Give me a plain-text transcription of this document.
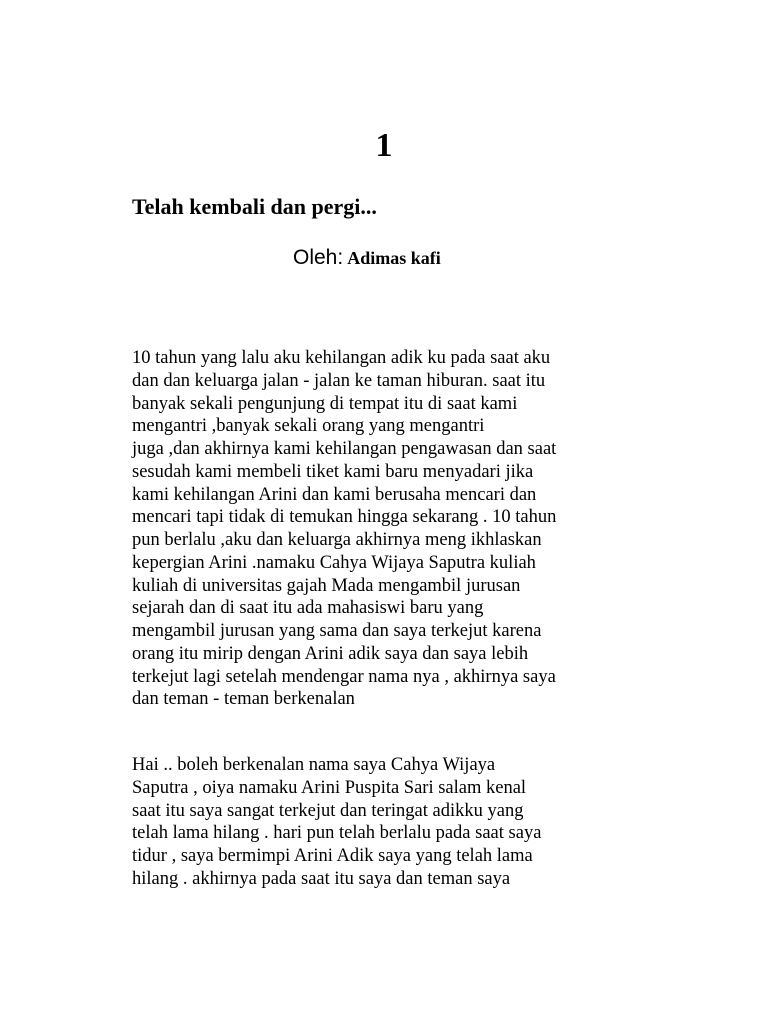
1
Telah kembali dan pergi...
Oleh: Adimas kafi
10 tahun yang lalu aku kehilangan adik ku pada saat aku
dan dan keluarga jalan - jalan ke taman hiburan. saat itu
banyak sekali pengunjung di tempat itu di saat kami
mengantri ,banyak sekali orang yang mengantri
juga ,dan akhirnya kami kehilangan pengawasan dan saat
sesudah kami membeli tiket kami baru menyadari jika
kami kehilangan Arini dan kami berusaha mencari dan
mencari tapi tidak di temukan hingga sekarang . 10 tahun
pun berlalu ,aku dan keluarga akhirnya meng ikhlaskan
kepergian Arini .namaku Cahya Wijaya Saputra kuliah
kuliah di universitas gajah Mada mengambil jurusan
sejarah dan di saat itu ada mahasiswi baru yang
mengambil jurusan yang sama dan saya terkejut karena
orang itu mirip dengan Arini adik saya dan saya lebih
terkejut lagi setelah mendengar nama nya , akhirnya saya
dan teman - teman berkenalan
Hai .. boleh berkenalan nama saya Cahya Wijaya
Saputra , oiya namaku Arini Puspita Sari salam kenal
saat itu saya sangat terkejut dan teringat adikku yang
telah lama hilang . hari pun telah berlalu pada saat saya
tidur , saya bermimpi Arini Adik saya yang telah lama
hilang . akhirnya pada saat itu saya dan teman saya
